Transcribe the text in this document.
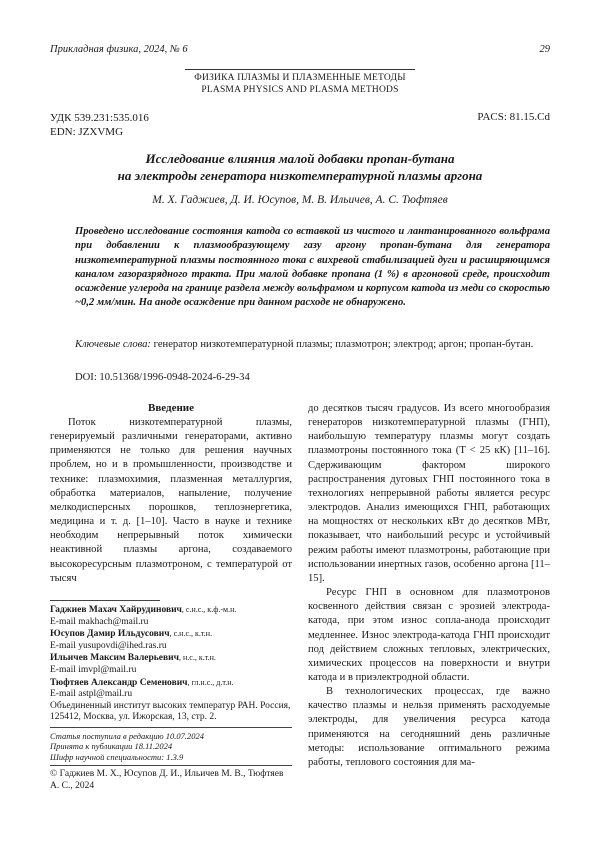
Прикладная физика, 2024, № 6	29
ФИЗИКА ПЛАЗМЫ И ПЛАЗМЕННЫЕ МЕТОДЫ
PLASMA PHYSICS AND PLASMA METHODS
УДК 539.231:535.016
EDN: JZXVMG
PACS: 81.15.Cd
Исследование влияния малой добавки пропан-бутана
на электроды генератора низкотемпературной плазмы аргона
М. Х. Гаджиев, Д. И. Юсупов, М. В. Ильичев, А. С. Тюфтяев
Проведено исследование состояния катода со вставкой из чистого и лантанированного вольфрама при добавлении к плазмообразующему газу аргону пропан-бутана для генератора низкотемпературной плазмы постоянного тока с вихревой стабилизацией дуги и расширяющимся каналом газоразрядного тракта. При малой добавке пропана (1 %) в аргоновой среде, происходит осаждение углерода на границе раздела между вольфрамом и корпусом катода из меди со скоростью ~0,2 мм/мин. На аноде осаждение при данном расходе не обнаружено.
Ключевые слова: генератор низкотемпературной плазмы; плазмотрон; электрод; аргон; пропан-бутан.
DOI: 10.51368/1996-0948-2024-6-29-34
Введение

Поток низкотемпературной плазмы, генерируемый различными генераторами, активно применяются не только для решения научных проблем, но и в промышленности, производстве и технике: плазмохимия, плазменная металлургия, обработка материалов, напыление, получение мелкодисперсных порошков, теплоэнергетика, медицина и т. д. [1–10]. Часто в науке и технике необходим непрерывный поток химически неактивной плазмы аргона, создаваемого высокоресурсным плазмотроном, с температурой от тысяч

до десятков тысяч градусов. Из всего многообразия генераторов низкотемпературной плазмы (ГНП), наибольшую температуру плазмы могут создать плазмотроны постоянного тока (T < 25 кК) [11–16]. Сдерживающим фактором широкого распространения дуговых ГНП постоянного тока в технологиях непрерывной работы является ресурс электродов. Анализ имеющихся ГНП, работающих на мощностях от нескольких кВт до десятков МВт, показывает, что наибольший ресурс и устойчивый режим работы имеют плазмотроны, работающие при использовании инертных газов, особенно аргона [11–15].

Ресурс ГНП в основном для плазмотронов косвенного действия связан с эрозией электрода-катода, при этом износ сопла-анода происходит медленнее. Износ электрода-катода ГНП происходит под действием сложных тепловых, электрических, химических процессов на поверхности и внутри катода и в приэлектродной области.

В технологических процессах, где важно качество плазмы и нельзя применять расходуемые электроды, для увеличения ресурса катода применяются на сегодняшний день различные методы: использование оптимального режима работы, теплового состояния для ма-

Гаджиев Махач Хайрудинович, с.н.с., к.ф.-м.н.
E-mail makhach@mail.ru
Юсупов Дамир Ильдусович, с.н.с., к.т.н.
E-mail yusupovdi@ihed.ras.ru
Ильичев Максим Валерьевич, н.с., к.т.н.
E-mail imvpl@mail.ru
Тюфтяев Александр Семенович, гл.н.с., д.т.н.
E-mail astpl@mail.ru
Объединенный институт высоких температур РАН. Россия, 125412, Москва, ул. Ижорская, 13, стр. 2.
Статья поступила в редакцию 10.07.2024
Принята к публикации 18.11.2024
Шифр научной специальности: 1.3.9
© Гаджиев М. Х., Юсупов Д. И., Ильичев М. В., Тюфтяев А. С., 2024
